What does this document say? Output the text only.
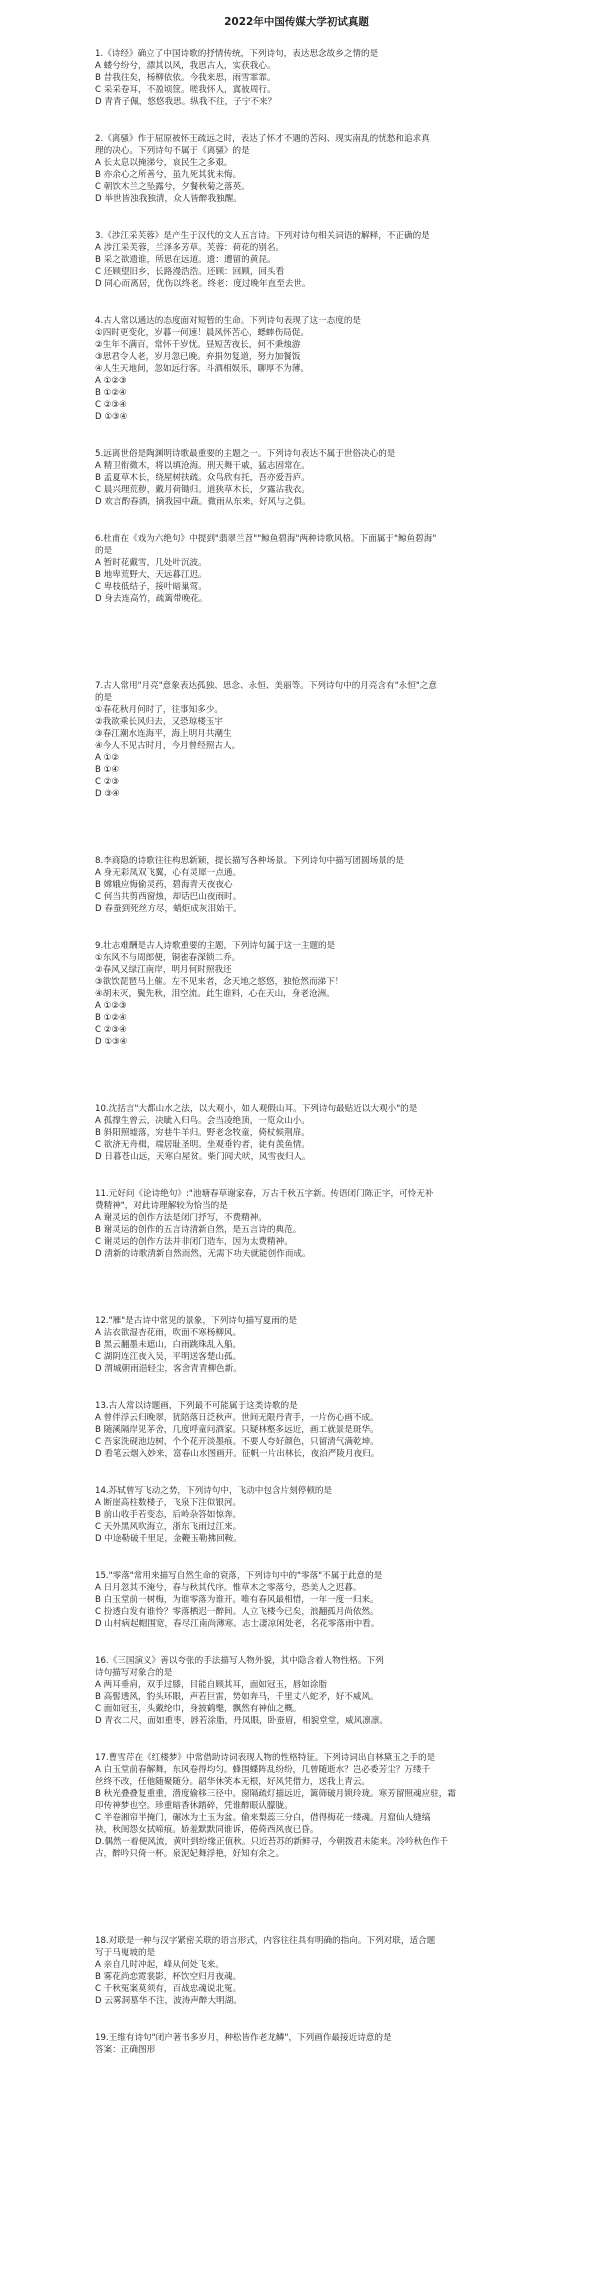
2022年中国传媒大学初试真题
1.《诗经》确立了中国诗歌的抒情传统，下列诗句，表达思念故乡之情的是
A 蝼兮纷兮，漂其以风，我思古人，实获我心。
B 昔我往矣，杨柳依依。今我来思，雨雪霏霏。
C 采采卷耳，不盈顷筐。嗟我怀人，寘彼周行。
D 青青子佩，悠悠我思。纵我不往，子宁不来？
2.《离骚》作于屈原被怀王疏远之时，表达了怀才不遇的苦闷、现实南乱的忧愁和追求真
理的决心。下列诗句不属于《离骚》的是
A 长太息以掩涕兮，哀民生之多艰。
B 亦余心之所善兮，虽九死其犹未悔。
C 朝饮木兰之坠露兮，夕餐秋菊之落英。
D 举世皆浊我独清，众人皆醉我独醒。
3.《涉江采芙蓉》是产生于汉代的文人五言诗。下列对诗句相关词语的解释，不正确的是
A 涉江采芙蓉，兰泽多芳草。芙蓉：荷花的别名。
B 采之欲遗谁，所思在远道。遗：遭留的黄昆。
C 还顾望旧乡，长路漫浩浩。还顾：回顾，回头看
D 同心而离居，优伤以终老。终老：度过晚年直至去世。
4.古人常以通达的态度面对短暂的生命。下列诗句表现了这一态度的是
①四时更变化，岁暮一何速！晨风怀苦心，蟋蟀伤局促。
②生年不满百，常怀千岁忧。昼短苦夜长，何不秉烛游
③思君令人老，岁月忽已晚。弃捐勿复道，努力加餐饭
④人生天地间，忽如远行客。斗酒相娱乐，聊厚不为薄。
A ①②③
B ①②④
C ②③④
D ①③④
5.远离世俗是陶渊明诗歌最重要的主题之一。下列诗句表达不属于世俗决心的是
A 精卫衔微木，将以填沧海。刑天舞干戚，猛志固常在。
B 孟夏草木长，绕屋树扶疏。众鸟欣有托，吾亦爱吾庐。
C 晨兴理荒秽，戴月荷锄归。道狭草木长，夕露沾我衣。
D 欢言酌春酒，摘我园中蔬。微雨从东来，好风与之俱。
6.杜甫在《戏为六绝句》中提到"翡翠兰苕""鲸鱼碧海"两种诗歌风格。下面属于"鲸鱼碧海"
的是
A 暂时花戴雪，几处叶沉波。
B 地卑荒野大，天远暮江迟。
C 卑枝低结子，接叶暗巢莺。
D 身去连高竹，疏篱带晚花。
7.古人常用"月亮"意象表达孤独、思念、永恒、美丽等。下列诗句中的月亮含有"永恒"之意
的是
①春花秋月何时了，往事知多少。
②我欲乘长风归去，又恐琼楼玉宇
③春江潮水连海平，海上明月共潮生
④今人不见古时月，今月曾经照古人。
A ①②
B ①④
C ②③
D ③④
8.李商隐的诗歌往往构思新颖，提长描写各种场景。下列诗句中描写团圆场景的是
A 身无彩凤双飞翼，心有灵犀一点通。
B 嫦娥应悔偷灵药，碧海青天夜夜心
C 何当共剪西窗烛，却话巴山夜雨时。
D 春蚕到死丝方尽，蜡炬成灰泪始干。
9.壮志难酬是古人诗歌重要的主题，下列诗句属于这一主题的是
①东风不与周郎便，铜雀春深锁二乔。
②春风又绿江南岸，明月何时照我还
③欲饮琵琶马上催。左不见来者，念天地之悠悠，独怆然而涕下！
④胡未灭，鬓先秋，泪空流。此生谁料，心在天山，身老沧洲。
A ①②③
B ①②④
C ②③④
D ①③④
10.沈括言"大都山水之法，以大观小，如人观假山耳。下列诗句最贴近以大观小"的是
A 孤撑生曾云，决眦入归鸟。会当凌绝顶，一览众山小。
B 斜阳照墟落，穷巷牛羊归。野老念牧童，倚杖候荆扉。
C 欲济无舟楫，端居耻圣明。坐观垂钓者，徒有羡鱼情。
D 日暮苍山远，天寒白屋贫。柴门闻犬吠，风雪夜归人。
11.元好问《论诗绝句》:"池塘春草谢家春，万古千秋五字新。传语闭门陈正字，可怜无补
费精神"，对此诗理解较为恰当的是
A 谢灵运的创作方法是闭门抒写，不费精神。
B 谢灵运的创作的五言诗清新自然，是五言诗的典范。
C 谢灵运的创作方法并非闭门造车，因为太费精神。
D 清新的诗歌清新自然而然，无需下功夫就能创作而成。
12."雁"是古诗中常见的景象，下列诗句描写夏雨的是
A 沾衣欲湿杏花雨，吹面不寒杨柳风。
B 黑云翻墨未遮山，白雨跳珠乱入船。
C 湖阴连江夜入吴，平明送客楚山孤。
D 渭城朝雨浥轻尘，客舍青青柳色新。
13.古人常以诗题画，下列最不可能属于这类诗歌的是
A 曾伴浮云归晚翠，犹陪落日泛秋声。世间无限丹青手，一片伤心画不成。
B 随溪隔岸见茅舍，几度呼童问酒家。只疑林壑多远近，画工就景是斑华。
C 吾家洗砚池边树，个个花开淡墨痕。不要人夸好颜色，只留清气满乾坤。
D 看笔云烟入妙来，富春山水图画开。征帆一片出林长，夜泊严陵月夜归。
14.苏轼曾写飞动之势，下列诗句中，飞动中包含片刻停顿的是
A 断崖高柱数楼子，飞泉下注似银河。
B 前山收手若变态，后岭杂答如惊奔。
C 天外黑风吹海立，浙东飞雨过江来。
D 中途勒破千里足，金鞭玉勒拂回鞍。
15."零落"常用来描写自然生命的衰落，下列诗句中的"零落"不属于此意的是
A 日月忽其不淹兮，春与秋其代序。惟草木之零落兮，恐美人之迟暮。
B 白玉堂前一树梅，为谁零落为谁开。唯有春风最相惜，一年一度一归来。
C 扮透白发有谁怜？零落栖迟一醉间。人立飞楼今已矣，浪翻孤月尚依然。
D 山村病起帽围宽，春尽江南尚薄寒。志士凄凉闲处老，名花零落雨中看。
16.《三国演义》善以夸张的手法描写人物外貌，其中隐含着人物性格。下列
诗句描写对象合的是
A 两耳垂肩，双手过膝，目能自顾其耳，面如冠玉，唇如涂脂
B 高髻透风，豹头环眼，声若巨雷，势如奔马，千里丈八蛇矛，好不威风。
C 面如冠玉，头戴纶巾，身披鹤氅，飘然有神仙之概。
D 青衣二尺，面如重枣，唇若涂脂，丹凤眼，卧蚕眉，相貌堂堂，威风凛凛。
17.曹雪芹在《红楼梦》中常借助诗词表现人物的性格特征。下列诗词出自林黛玉之手的是
A 白玉堂前春解舞，东风卷得均匀。蜂围蝶阵乱纷纷，几曾随逝水？岂必委芳尘？万缕千
丝终不改，任他随聚随分。韶华休笑本无根，好风凭借力，送我上青云。
B 秋光叠叠复重重，潜度偷移三径中。窗隔疏灯描远近，篱筛破月锁玲珑。寒芳留照魂应驻，霜
印传神梦也空。珍重暗香休踏碎，凭谁醉眼认朦胧。
C 半卷湘帘半掩门，碾冰为土玉为盆。偷来梨蕊三分白，借得梅花一缕魂。月窟仙人缝缟
袂，秋闺怨女拭啼痕。娇羞默默同谁诉，倦倚西风夜已昏。
D.偶然一着便风流，黄叶到纷缘正值秋。只近苔苏的新鲜寻，今朝拨君未能来。冷吟秋色作千
古，醉吟只倚一杯。泉泥妃舞浮艳，好知有余之。
18.对联是一种与汉字紧密关联的语言形式，内容往往具有明确的指向。下列对联，适合题
写于马嵬坡的是
A 亲自几时冲起，峰从何处飞来。
B 雾花尚恋霓裳影，杯饮空归月夜魂。
C 千秋冤案莫须有，百战忠魂说北冤。
D 云雾洞墓华不注，波涛声醉大明湖。
19.王维有诗句"闭户著书多岁月，种松皆作老龙鳞"，下列画作最接近诗意的是
答案：正确图形
